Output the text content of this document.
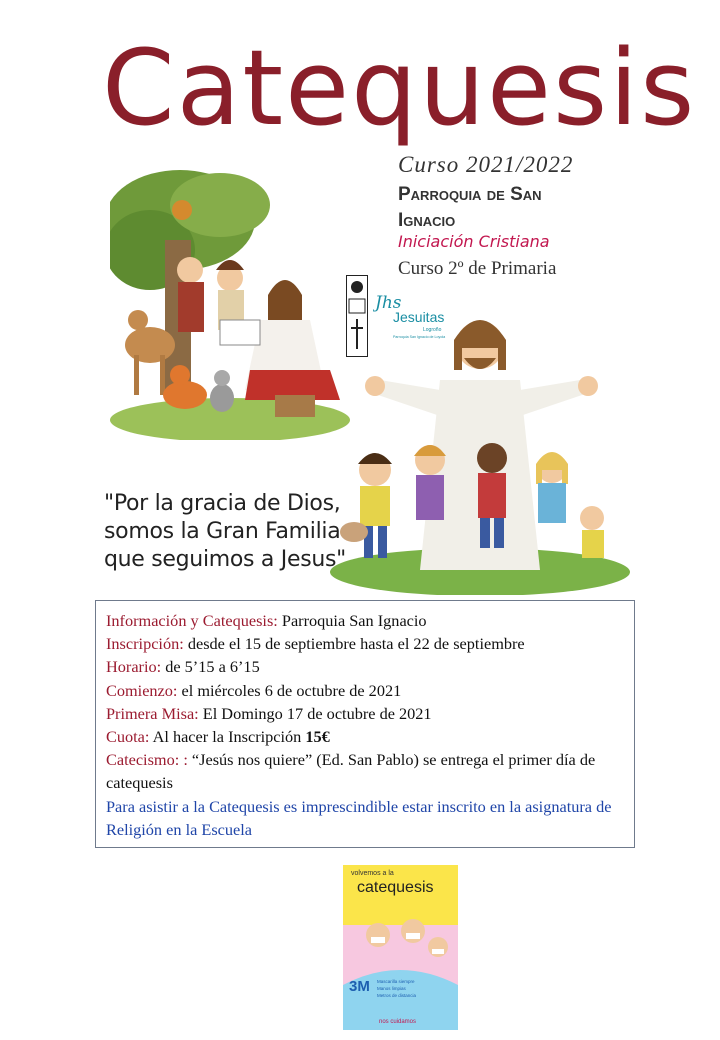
Catequesis
Curso 2021/2022
Parroquia de San Ignacio
Iniciación Cristiana
Curso 2º de Primaria
Jhs
Jesuitas
Logroño
Parroquia San Ignacio de Loyola
"Por la gracia de Dios,
somos la Gran Familia
que seguimos a Jesus"
Información y Catequesis: Parroquia San Ignacio
Inscripción: desde el 15 de septiembre hasta el 22 de septiembre
Horario: de 5’15 a 6’15
Comienzo: el miércoles 6 de octubre de 2021
Primera Misa: El Domingo 17 de octubre de 2021
Cuota: Al hacer la Inscripción 15€
Catecismo: : “Jesús nos quiere” (Ed. San Pablo) se entrega el primer día de catequesis
Para asistir a la Catequesis es imprescindible estar inscrito en la asignatura de Religión en la Escuela
volvemos a la
catequesis
3M Mascarilla siempre
Manos limpias
Metros de distancia
nos cuidamos
